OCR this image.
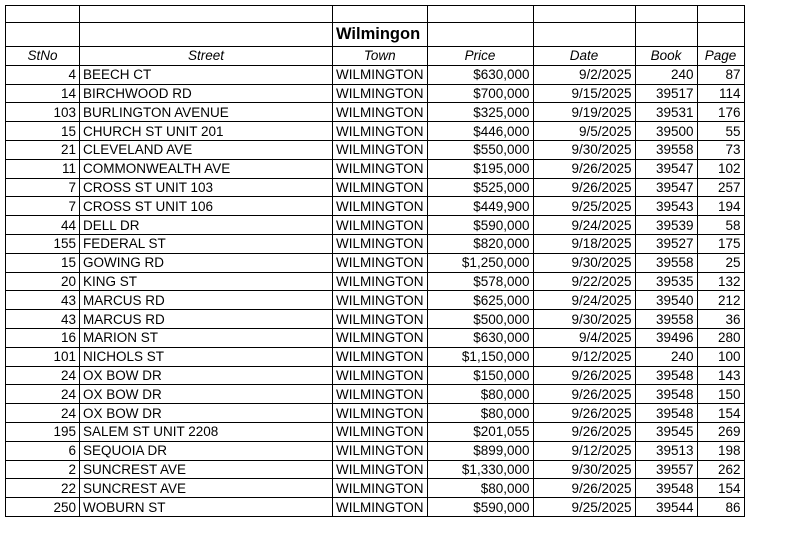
		Wilmingon				
StNo	Street	Town	Price	Date	Book	Page
4	BEECH CT	WILMINGTON	$630,000	9/2/2025	240	87
14	BIRCHWOOD RD	WILMINGTON	$700,000	9/15/2025	39517	114
103	BURLINGTON AVENUE	WILMINGTON	$325,000	9/19/2025	39531	176
15	CHURCH ST UNIT 201	WILMINGTON	$446,000	9/5/2025	39500	55
21	CLEVELAND AVE	WILMINGTON	$550,000	9/30/2025	39558	73
11	COMMONWEALTH AVE	WILMINGTON	$195,000	9/26/2025	39547	102
7	CROSS ST UNIT 103	WILMINGTON	$525,000	9/26/2025	39547	257
7	CROSS ST UNIT 106	WILMINGTON	$449,900	9/25/2025	39543	194
44	DELL DR	WILMINGTON	$590,000	9/24/2025	39539	58
155	FEDERAL ST	WILMINGTON	$820,000	9/18/2025	39527	175
15	GOWING RD	WILMINGTON	$1,250,000	9/30/2025	39558	25
20	KING ST	WILMINGTON	$578,000	9/22/2025	39535	132
43	MARCUS RD	WILMINGTON	$625,000	9/24/2025	39540	212
43	MARCUS RD	WILMINGTON	$500,000	9/30/2025	39558	36
16	MARION ST	WILMINGTON	$630,000	9/4/2025	39496	280
101	NICHOLS ST	WILMINGTON	$1,150,000	9/12/2025	240	100
24	OX BOW DR	WILMINGTON	$150,000	9/26/2025	39548	143
24	OX BOW DR	WILMINGTON	$80,000	9/26/2025	39548	150
24	OX BOW DR	WILMINGTON	$80,000	9/26/2025	39548	154
195	SALEM ST UNIT 2208	WILMINGTON	$201,055	9/26/2025	39545	269
6	SEQUOIA DR	WILMINGTON	$899,000	9/12/2025	39513	198
2	SUNCREST AVE	WILMINGTON	$1,330,000	9/30/2025	39557	262
22	SUNCREST AVE	WILMINGTON	$80,000	9/26/2025	39548	154
250	WOBURN ST	WILMINGTON	$590,000	9/25/2025	39544	86
